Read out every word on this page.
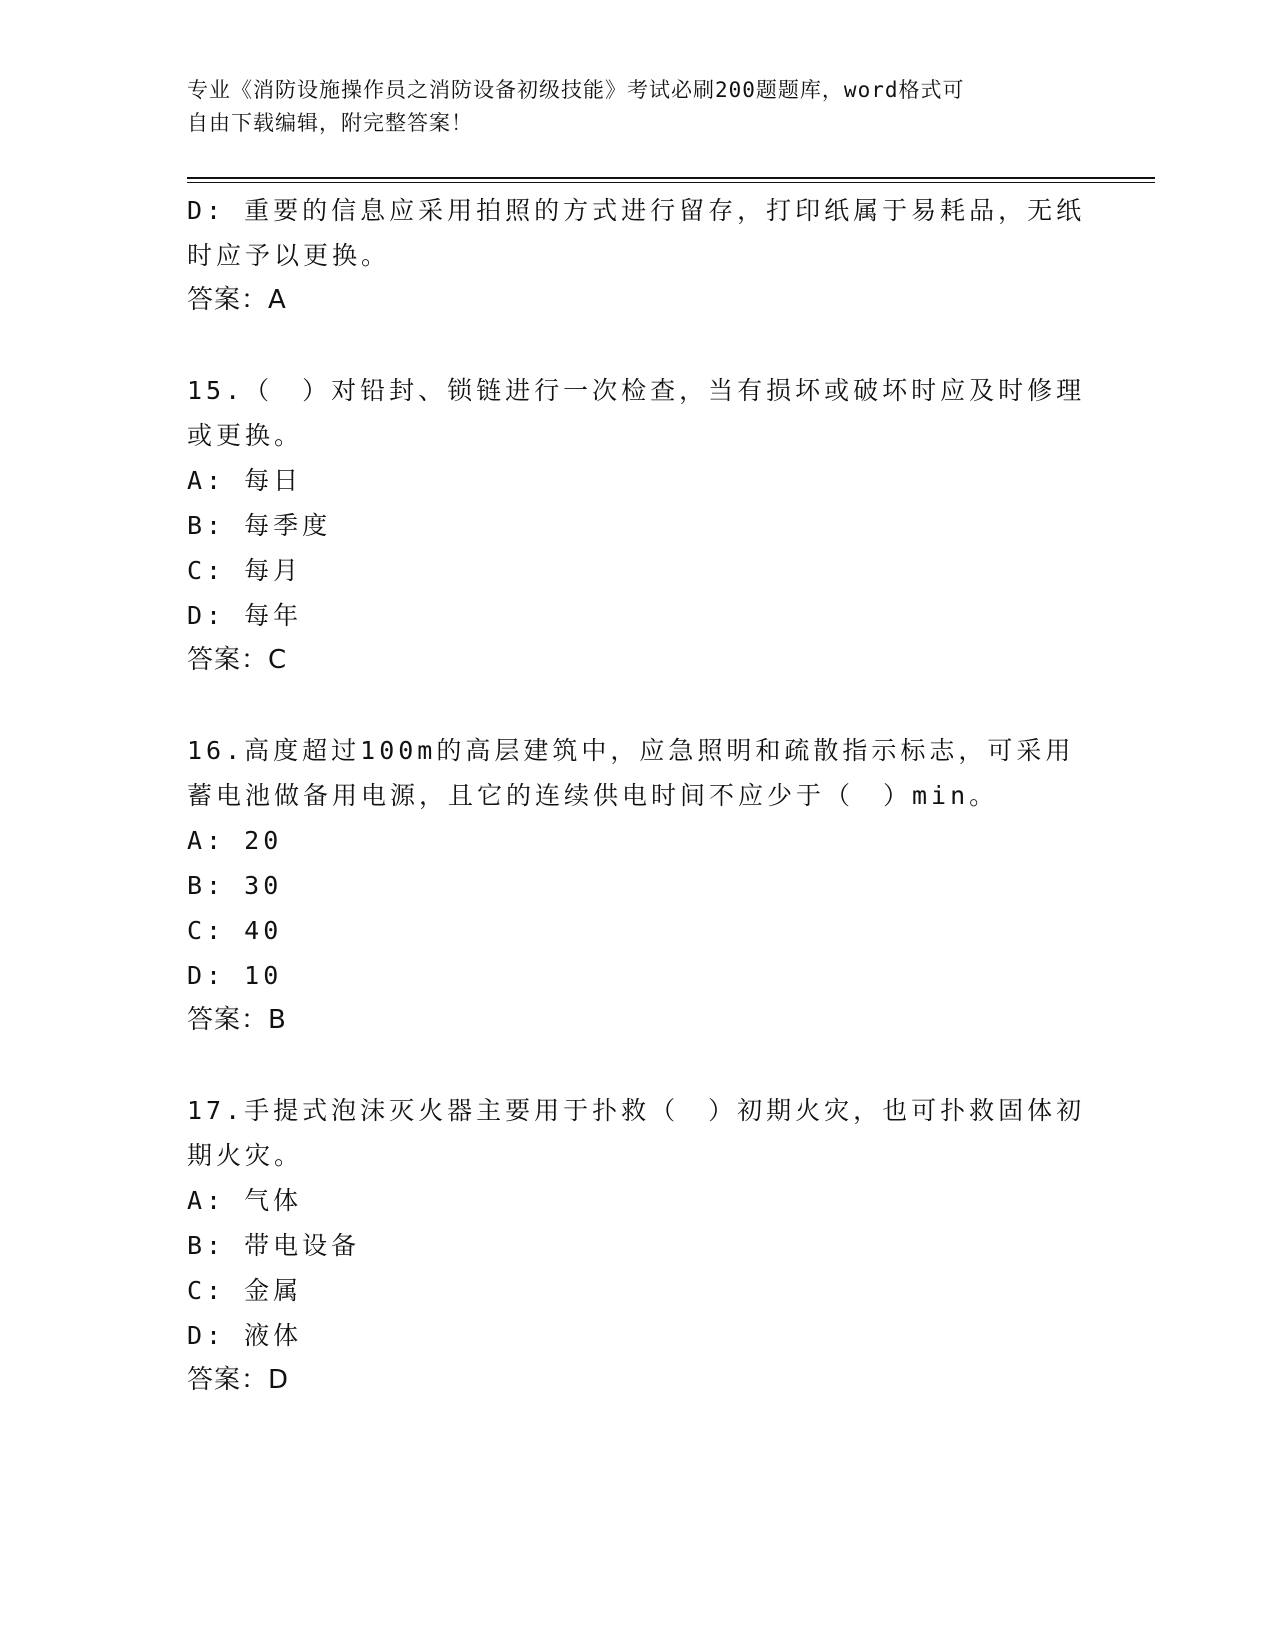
专业《消防设施操作员之消防设备初级技能》考试必刷200题题库，word格式可
自由下载编辑，附完整答案！
D: 重要的信息应采用拍照的方式进行留存，打印纸属于易耗品，无纸
时应予以更换。
答案：A
15.（　）对铅封、锁链进行一次检查，当有损坏或破坏时应及时修理
或更换。
A: 每日
B: 每季度
C: 每月
D: 每年
答案：C
16.高度超过100m的高层建筑中，应急照明和疏散指示标志，可采用
蓄电池做备用电源，且它的连续供电时间不应少于（　）min。
A: 20
B: 30
C: 40
D: 10
答案：B
17.手提式泡沫灭火器主要用于扑救（　）初期火灾，也可扑救固体初
期火灾。
A: 气体
B: 带电设备
C: 金属
D: 液体
答案：D
